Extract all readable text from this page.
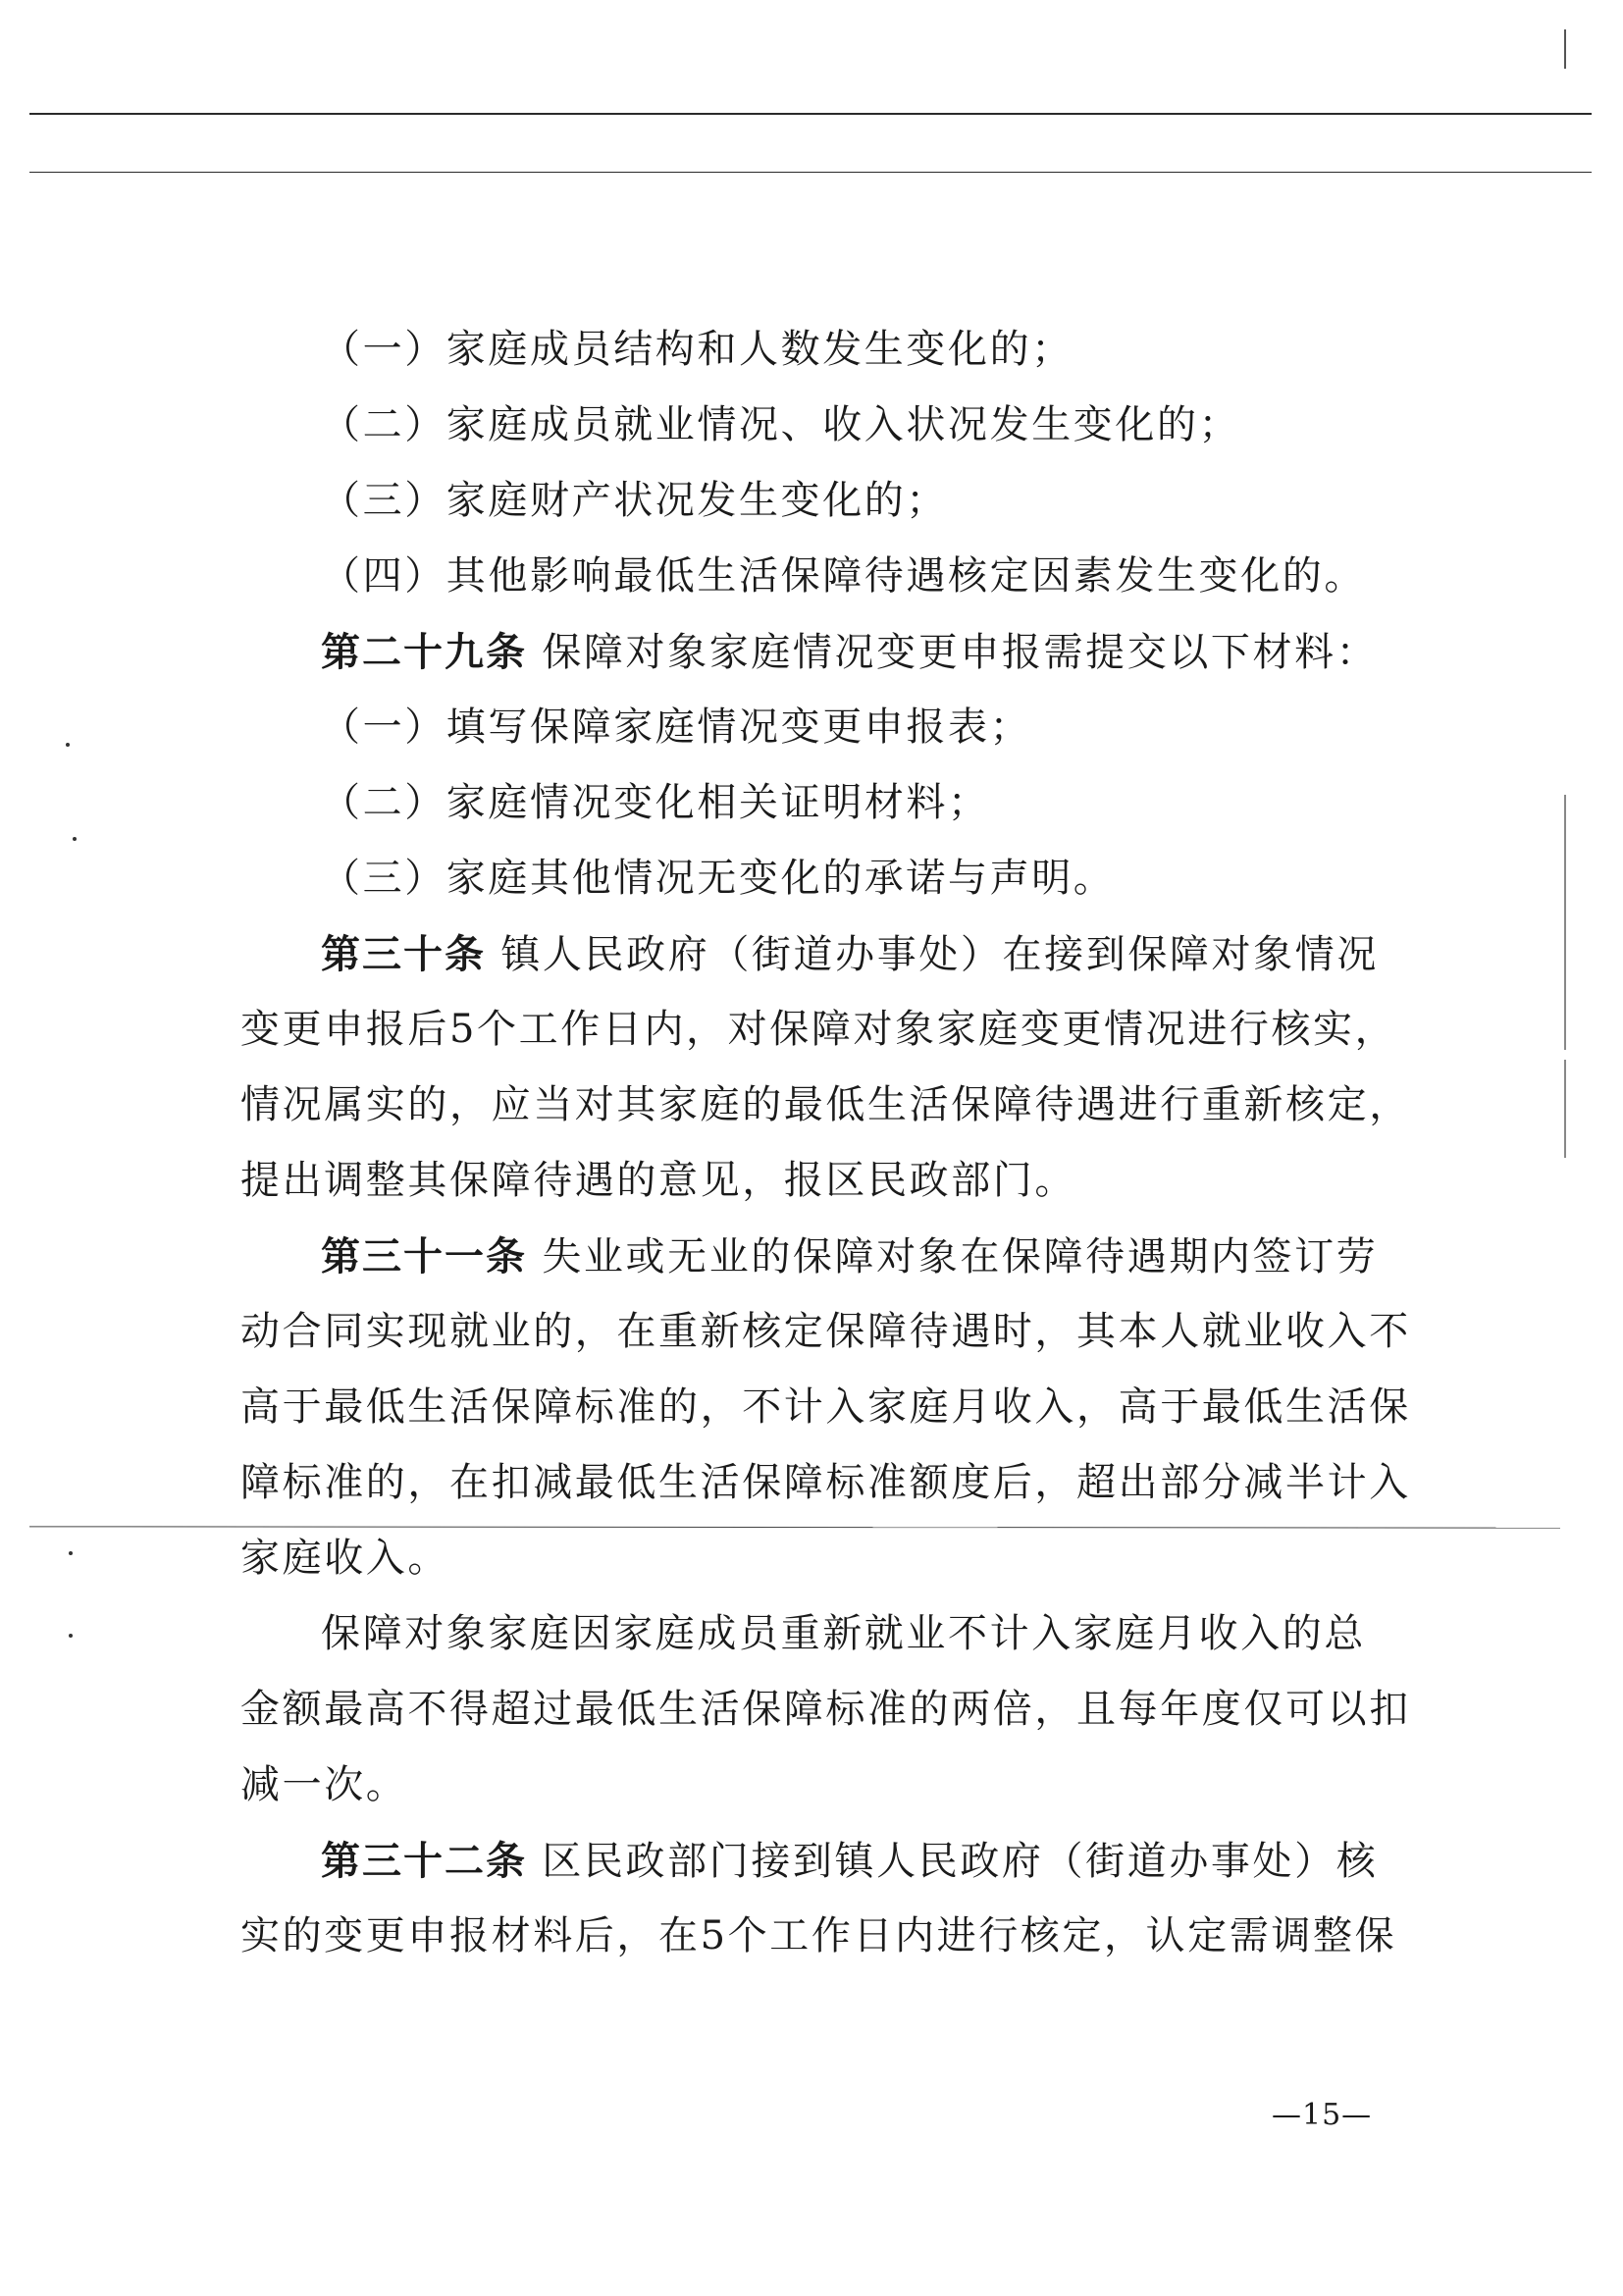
（一）家庭成员结构和人数发生变化的；
（二）家庭成员就业情况、收入状况发生变化的；
（三）家庭财产状况发生变化的；
（四）其他影响最低生活保障待遇核定因素发生变化的。
第二十九条 保障对象家庭情况变更申报需提交以下材料：
（一）填写保障家庭情况变更申报表；
（二）家庭情况变化相关证明材料；
（三）家庭其他情况无变化的承诺与声明。
第三十条 镇人民政府（街道办事处）在接到保障对象情况
变更申报后5个工作日内，对保障对象家庭变更情况进行核实，
情况属实的，应当对其家庭的最低生活保障待遇进行重新核定，
提出调整其保障待遇的意见，报区民政部门。
第三十一条 失业或无业的保障对象在保障待遇期内签订劳
动合同实现就业的，在重新核定保障待遇时，其本人就业收入不
高于最低生活保障标准的，不计入家庭月收入，高于最低生活保
障标准的，在扣减最低生活保障标准额度后，超出部分减半计入
家庭收入。
保障对象家庭因家庭成员重新就业不计入家庭月收入的总
金额最高不得超过最低生活保障标准的两倍，且每年度仅可以扣
减一次。
第三十二条 区民政部门接到镇人民政府（街道办事处）核
实的变更申报材料后，在5个工作日内进行核定，认定需调整保
—15—
